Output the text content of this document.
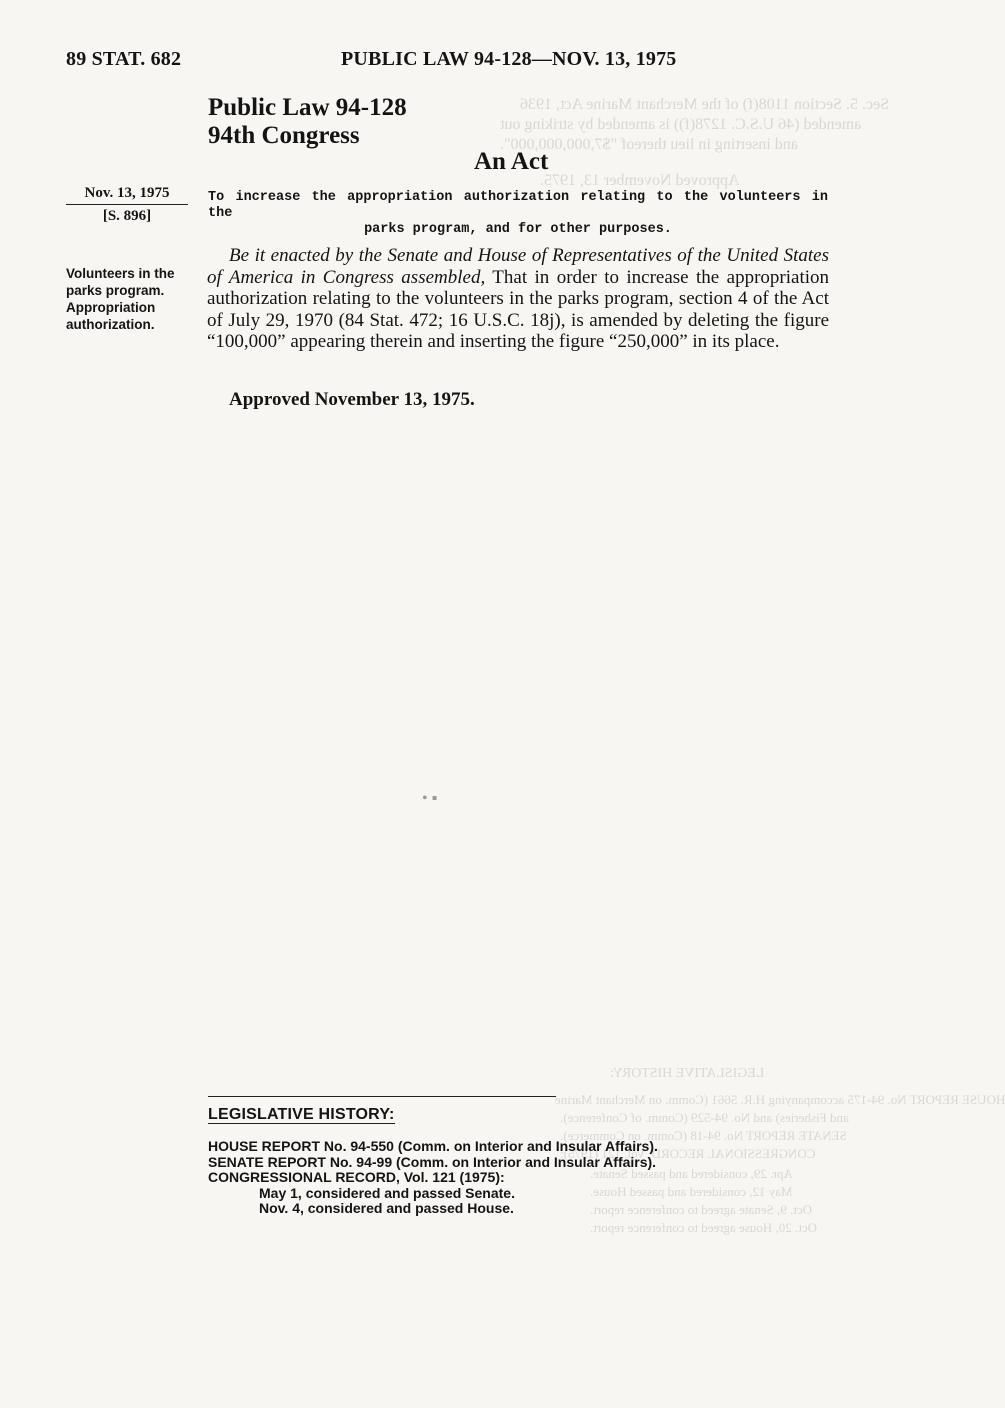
Sec. 5. Section 1108(f) of the Merchant Marine Act, 1936
amended (46 U.S.C. 1278(f)) is amended by striking out
and inserting in lieu thereof "$7,000,000,000".
Approved November 13, 1975.
LEGISLATIVE HISTORY:
HOUSE REPORT No. 94-175 accompanying H.R. 5661 (Comm. on Merchant Marine
and Fisheries) and No. 94-529 (Comm. of Conference).
SENATE REPORT No. 94-18 (Comm. on Commerce).
CONGRESSIONAL RECORD, Vol. 121 (1975):
Apr. 29, considered and passed Senate.
May 12, considered and passed House.
Oct. 9, Senate agreed to conference report.
Oct. 20, House agreed to conference report.
89 STAT. 682	PUBLIC LAW 94-128—NOV. 13, 1975
Public Law 94-128
94th Congress
An Act
Nov. 13, 1975
[S. 896]
To increase the appropriation authorization relating to the volunteers in the
parks program, and for other purposes.
Volunteers in the
parks program.
Appropriation
authorization.

Be it enacted by the Senate and House of Representatives of the United States of America in Congress assembled, That in order to increase the appropriation authorization relating to the volunteers in the parks program, section 4 of the Act of July 29, 1970 (84 Stat. 472; 16 U.S.C. 18j), is amended by deleting the figure “100,000” appearing therein and inserting the figure “250,000” in its place.

Approved November 13, 1975.
• ▪
LEGISLATIVE HISTORY:
HOUSE REPORT No. 94-550 (Comm. on Interior and Insular Affairs).
SENATE REPORT No. 94-99 (Comm. on Interior and Insular Affairs).
CONGRESSIONAL RECORD, Vol. 121 (1975):
May 1, considered and passed Senate.
Nov. 4, considered and passed House.
